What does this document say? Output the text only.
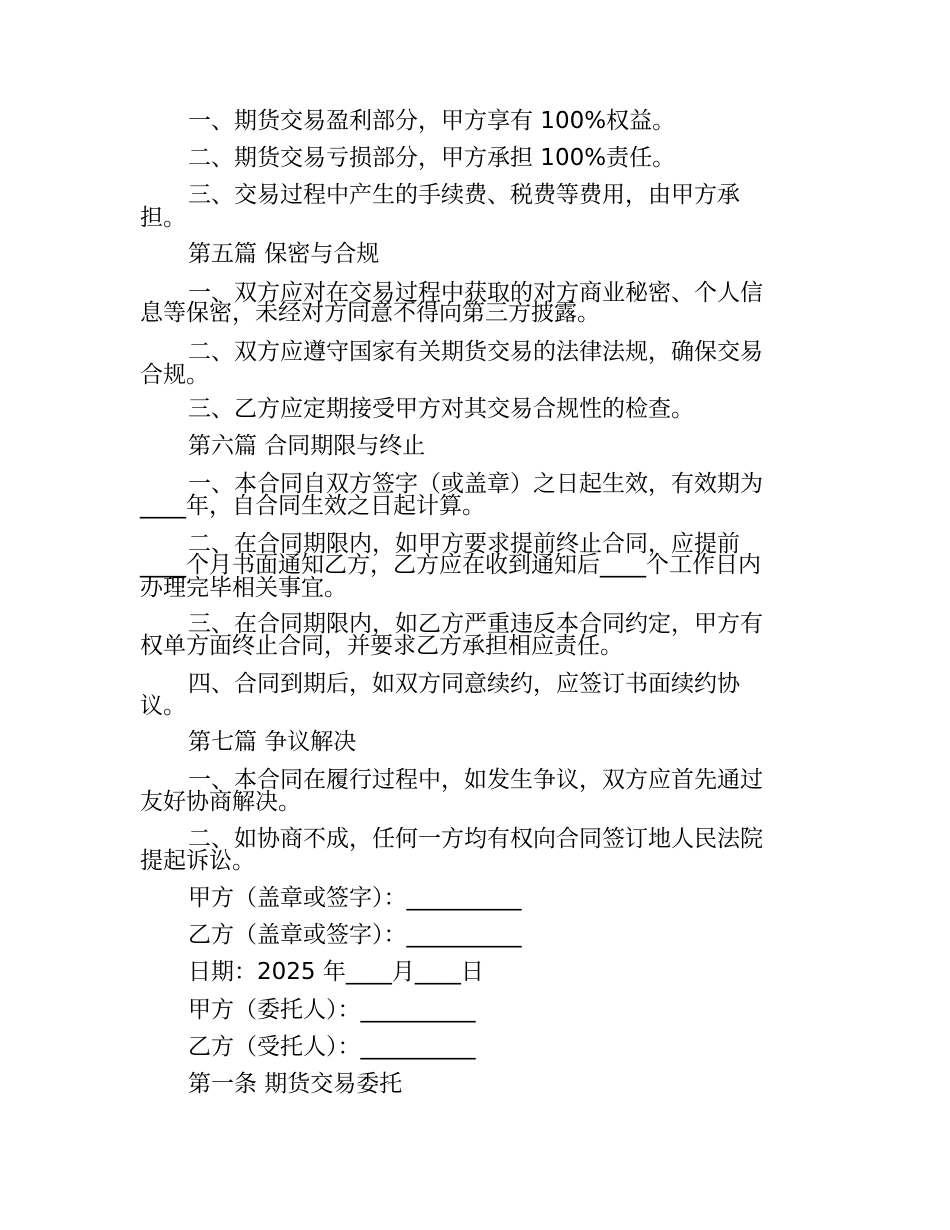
一、期货交易盈利部分，甲方享有 100%权益。
二、期货交易亏损部分，甲方承担 100%责任。
三、交易过程中产生的手续费、税费等费用，由甲方承
担。
第五篇 保密与合规
一、双方应对在交易过程中获取的对方商业秘密、个人信
息等保密，未经对方同意不得向第三方披露。
二、双方应遵守国家有关期货交易的法律法规，确保交易
合规。
三、乙方应定期接受甲方对其交易合规性的检查。
第六篇 合同期限与终止
一、本合同自双方签字（或盖章）之日起生效，有效期为
____年，自合同生效之日起计算。
二、在合同期限内，如甲方要求提前终止合同，应提前
____个月书面通知乙方，乙方应在收到通知后____个工作日内
办理完毕相关事宜。
三、在合同期限内，如乙方严重违反本合同约定，甲方有
权单方面终止合同，并要求乙方承担相应责任。
四、合同到期后，如双方同意续约，应签订书面续约协
议。
第七篇 争议解决
一、本合同在履行过程中，如发生争议，双方应首先通过
友好协商解决。
二、如协商不成，任何一方均有权向合同签订地人民法院
提起诉讼。
甲方（盖章或签字）：__________
乙方（盖章或签字）：__________
日期：2025 年____月____日
甲方（委托人）：__________
乙方（受托人）：__________
第一条 期货交易委托
